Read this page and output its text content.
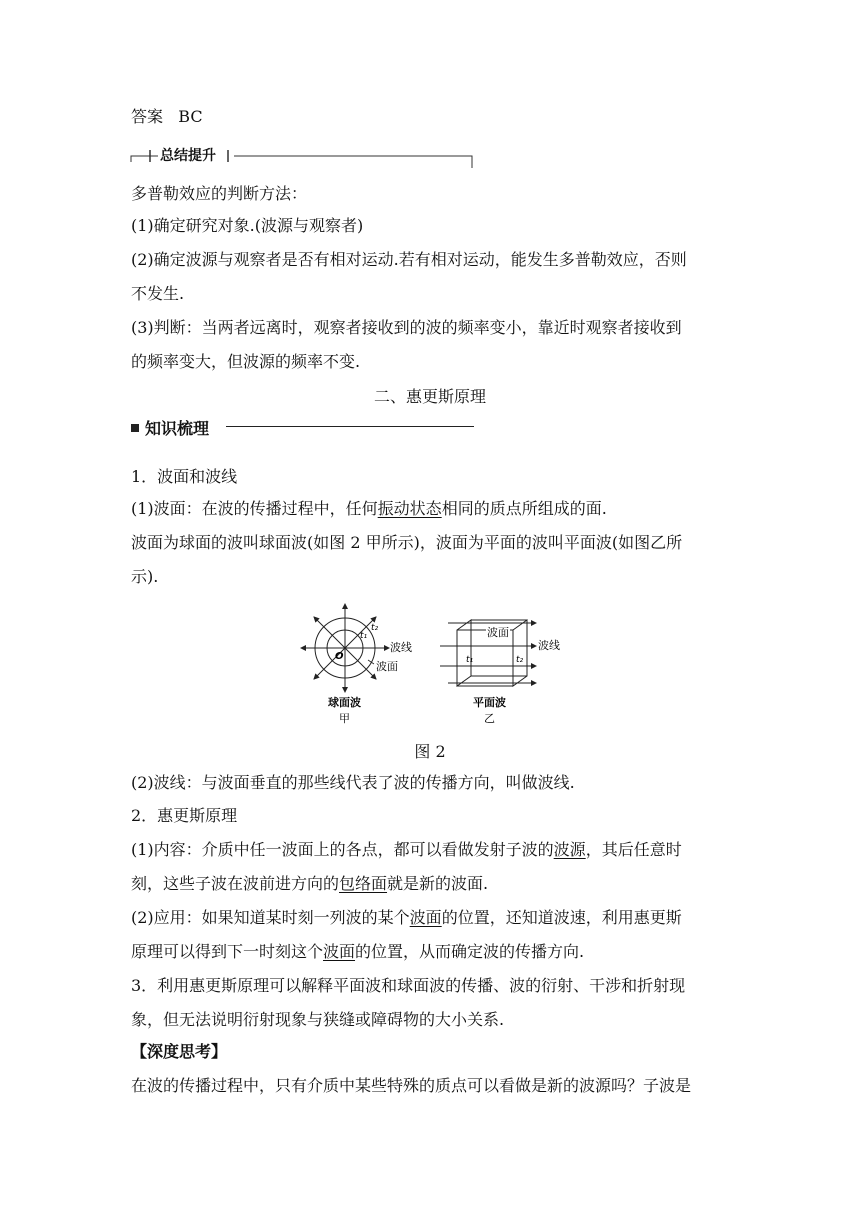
答案 BC
总结提升
多普勒效应的判断方法：
(1)确定研究对象.(波源与观察者)
(2)确定波源与观察者是否有相对运动.若有相对运动，能发生多普勒效应，否则
不发生.
(3)判断：当两者远离时，观察者接收到的波的频率变小，靠近时观察者接收到
的频率变大，但波源的频率不变.
二、惠更斯原理
知识梳理
1．波面和波线
(1)波面：在波的传播过程中，任何振动状态相同的质点所组成的面.
波面为球面的波叫球面波(如图 2 甲所示)，波面为平面的波叫平面波(如图乙所
示).
t₂
t₁
O
波线
波面
球面波
甲
波面
波线
t₁	t₂
平面波
乙
图 2
(2)波线：与波面垂直的那些线代表了波的传播方向，叫做波线.
2．惠更斯原理
(1)内容：介质中任一波面上的各点，都可以看做发射子波的波源，其后任意时
刻，这些子波在波前进方向的包络面就是新的波面.
(2)应用：如果知道某时刻一列波的某个波面的位置，还知道波速，利用惠更斯
原理可以得到下一时刻这个波面的位置，从而确定波的传播方向.
3．利用惠更斯原理可以解释平面波和球面波的传播、波的衍射、干涉和折射现
象，但无法说明衍射现象与狭缝或障碍物的大小关系.
【深度思考】
在波的传播过程中，只有介质中某些特殊的质点可以看做是新的波源吗？子波是
